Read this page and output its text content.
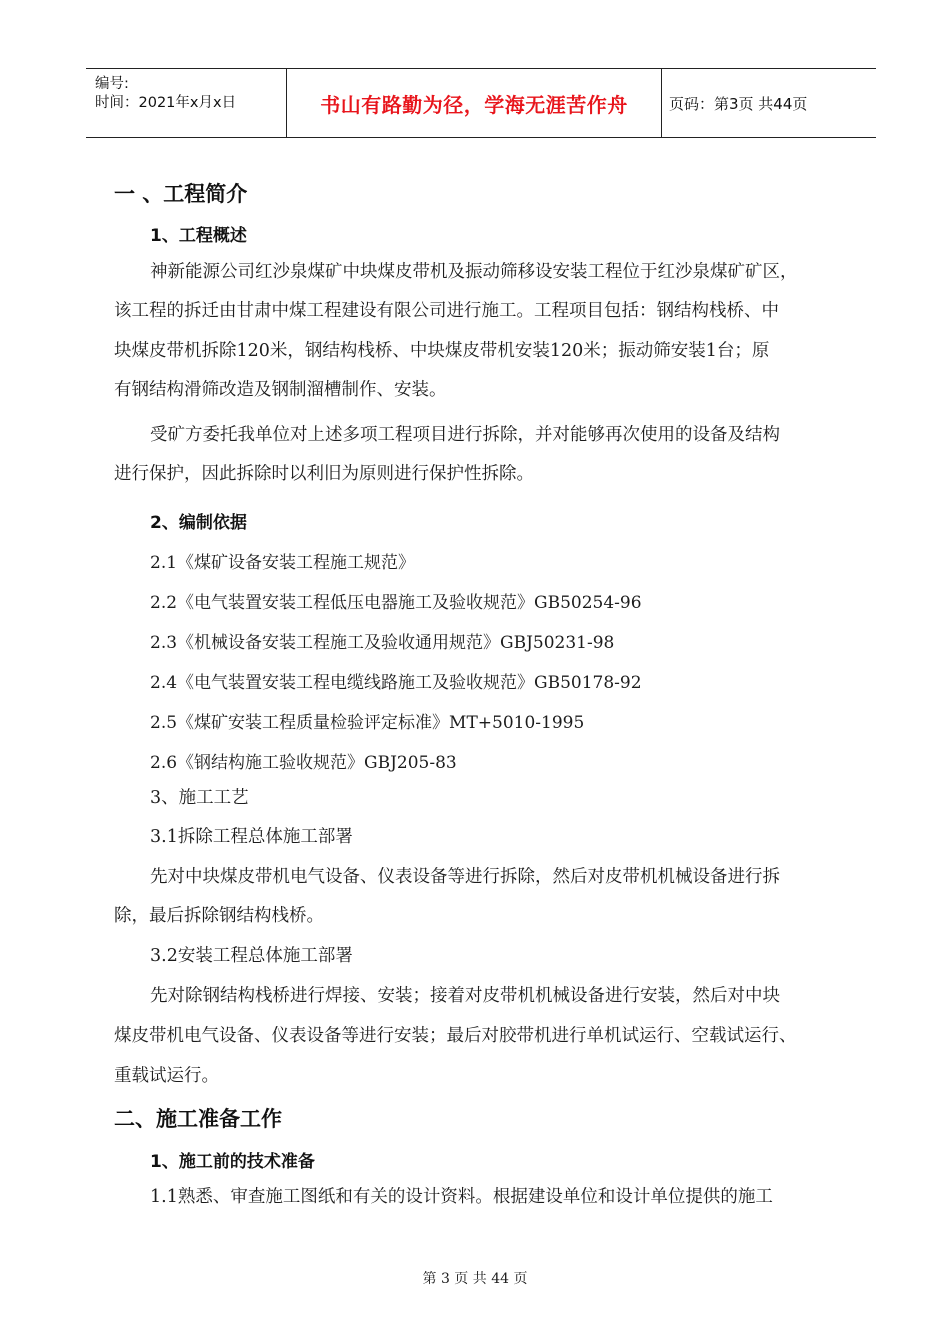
编号:
时间：2021年x月x日	书山有路勤为径，学海无涯苦作舟	页码：第3页 共44页
一 、工程简介
1、工程概述
神新能源公司红沙泉煤矿中块煤皮带机及振动筛移设安装工程位于红沙泉煤矿矿区，
该工程的拆迁由甘肃中煤工程建设有限公司进行施工。工程项目包括：钢结构栈桥、中
块煤皮带机拆除120米，钢结构栈桥、中块煤皮带机安装120米；振动筛安装1台；原
有钢结构滑筛改造及钢制溜槽制作、安装。
受矿方委托我单位对上述多项工程项目进行拆除，并对能够再次使用的设备及结构
进行保护，因此拆除时以利旧为原则进行保护性拆除。
2、编制依据
2.1《煤矿设备安装工程施工规范》
2.2《电气装置安装工程低压电器施工及验收规范》GB50254-96
2.3《机械设备安装工程施工及验收通用规范》GBJ50231-98
2.4《电气装置安装工程电缆线路施工及验收规范》GB50178-92
2.5《煤矿安装工程质量检验评定标准》MT+5010-1995
2.6《钢结构施工验收规范》GBJ205-83
3、施工工艺
3.1拆除工程总体施工部署
先对中块煤皮带机电气设备、仪表设备等进行拆除，然后对皮带机机械设备进行拆
除，最后拆除钢结构栈桥。
3.2安装工程总体施工部署
先对除钢结构栈桥进行焊接、安装；接着对皮带机机械设备进行安装，然后对中块
煤皮带机电气设备、仪表设备等进行安装；最后对胶带机进行单机试运行、空载试运行、
重载试运行。
二、施工准备工作
1、施工前的技术准备
1.1熟悉、审查施工图纸和有关的设计资料。根据建设单位和设计单位提供的施工
第 3 页 共 44 页
